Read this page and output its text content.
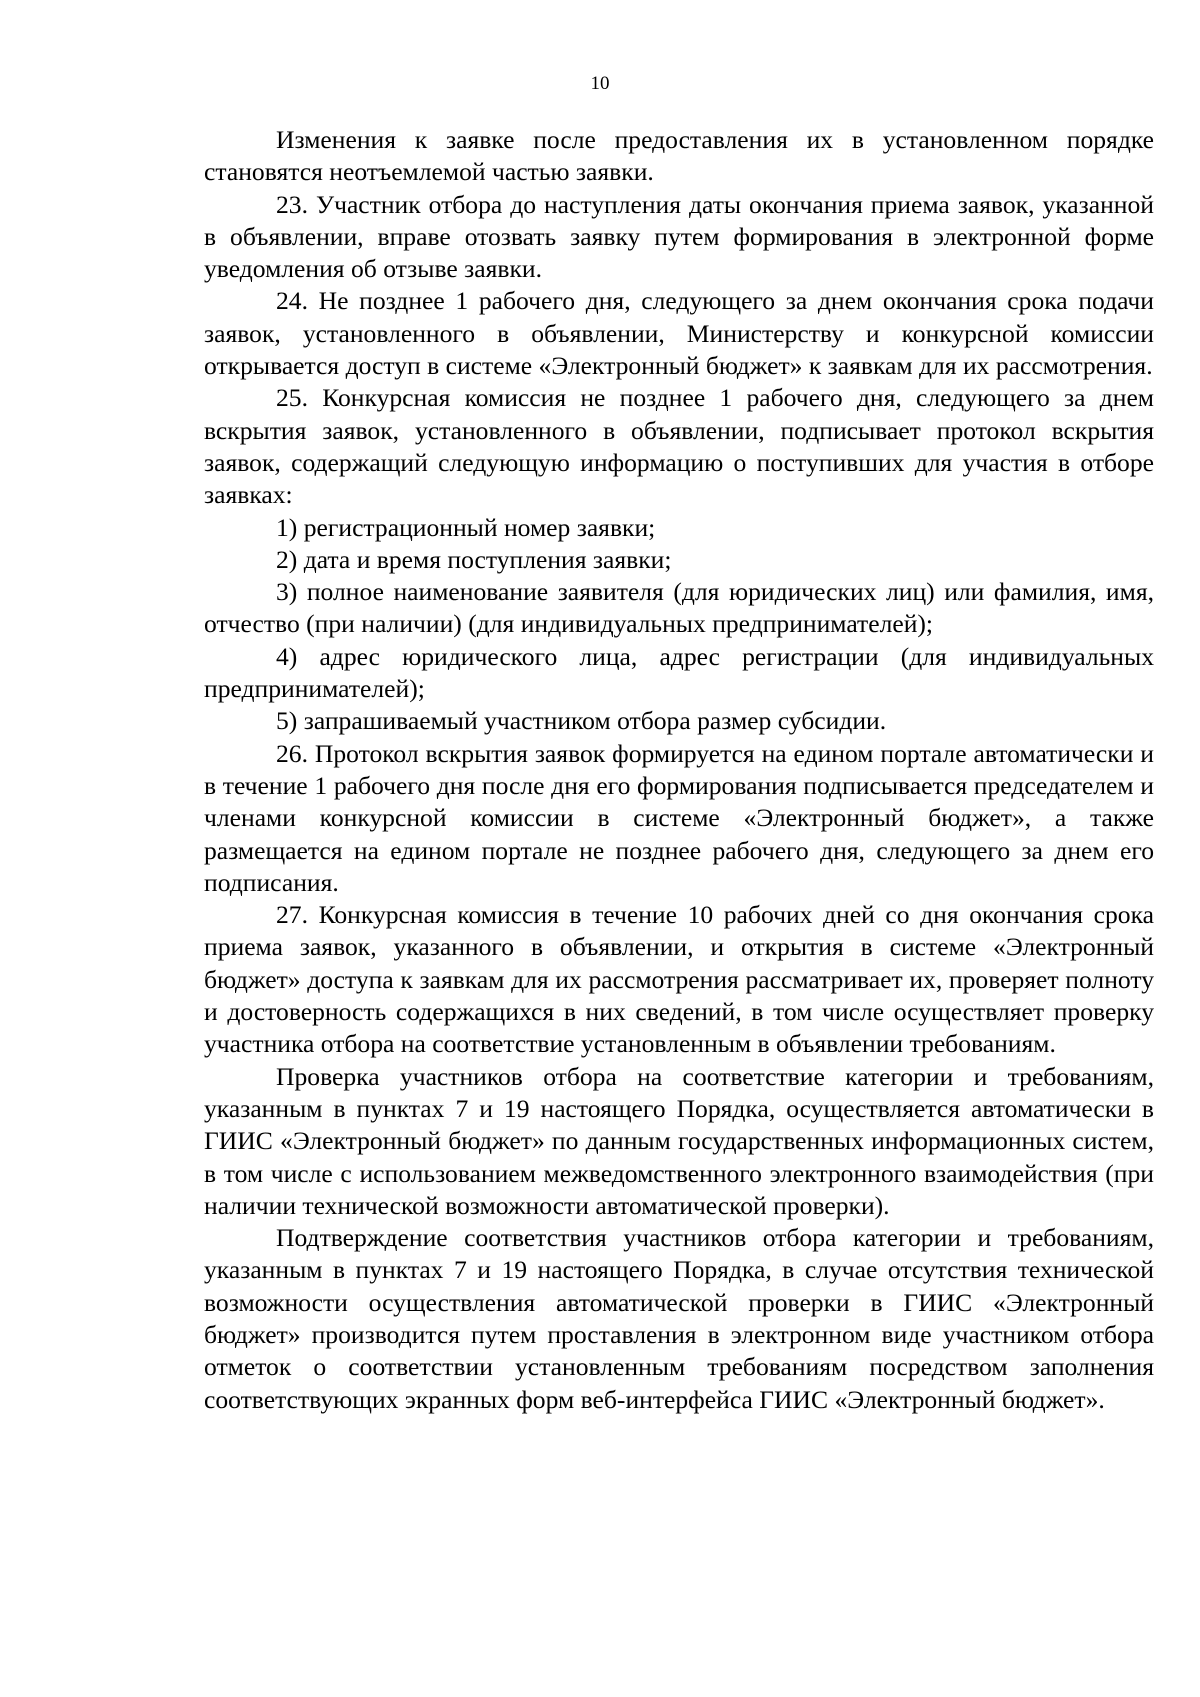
10

Изменения к заявке после предоставления их в установленном порядке становятся неотъемлемой частью заявки.

23. Участник отбора до наступления даты окончания приема заявок, указанной в объявлении, вправе отозвать заявку путем формирования в электронной форме уведомления об отзыве заявки.

24. Не позднее 1 рабочего дня, следующего за днем окончания срока подачи заявок, установленного в объявлении, Министерству и конкурсной комиссии открывается доступ в системе «Электронный бюджет» к заявкам для их рассмотрения.

25. Конкурсная комиссия не позднее 1 рабочего дня, следующего за днем вскрытия заявок, установленного в объявлении, подписывает протокол вскрытия заявок, содержащий следующую информацию о поступивших для участия в отборе заявках:

1) регистрационный номер заявки;

2) дата и время поступления заявки;

3) полное наименование заявителя (для юридических лиц) или фамилия, имя, отчество (при наличии) (для индивидуальных предпринимателей);

4) адрес юридического лица, адрес регистрации (для индивидуальных предпринимателей);

5) запрашиваемый участником отбора размер субсидии.

26. Протокол вскрытия заявок формируется на едином портале автоматически и в течение 1 рабочего дня после дня его формирования подписывается председателем и членами конкурсной комиссии в системе «Электронный бюджет», а также размещается на едином портале не позднее рабочего дня, следующего за днем его подписания.

27. Конкурсная комиссия в течение 10 рабочих дней со дня окончания срока приема заявок, указанного в объявлении, и открытия в системе «Электронный бюджет» доступа к заявкам для их рассмотрения рассматривает их, проверяет полноту и достоверность содержащихся в них сведений, в том числе осуществляет проверку участника отбора на соответствие установленным в объявлении требованиям.

Проверка участников отбора на соответствие категории и требованиям, указанным в пунктах 7 и 19 настоящего Порядка, осуществляется автоматически в ГИИС «Электронный бюджет» по данным государственных информационных систем, в том числе с использованием межведомственного электронного взаимодействия (при наличии технической возможности автоматической проверки).

Подтверждение соответствия участников отбора категории и требованиям, указанным в пунктах 7 и 19 настоящего Порядка, в случае отсутствия технической возможности осуществления автоматической проверки в ГИИС «Электронный бюджет» производится путем проставления в электронном виде участником отбора отметок о соответствии установленным требованиям посредством заполнения соответствующих экранных форм веб-интерфейса ГИИС «Электронный бюджет».
